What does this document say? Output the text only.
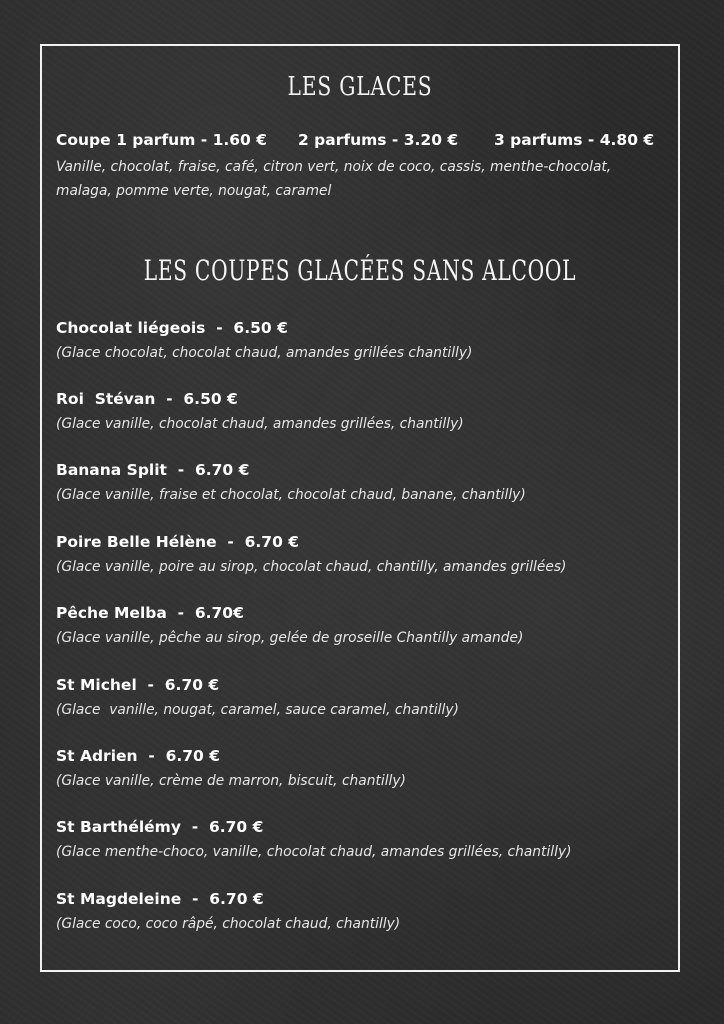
LES GLACES
Coupe 1 parfum - 1.60 € 2 parfums - 3.20 € 3 parfums - 4.80 €
Vanille, chocolat, fraise, café, citron vert, noix de coco, cassis, menthe-chocolat, malaga, pomme verte, nougat, caramel
LES COUPES GLACÉES SANS ALCOOL
Chocolat liégeois  -  6.50 €
(Glace chocolat, chocolat chaud, amandes grillées chantilly)
Roi  Stévan  -  6.50 €
(Glace vanille, chocolat chaud, amandes grillées, chantilly)
Banana Split  -  6.70 €
(Glace vanille, fraise et chocolat, chocolat chaud, banane, chantilly)
Poire Belle Hélène  -  6.70 €
(Glace vanille, poire au sirop, chocolat chaud, chantilly, amandes grillées)
Pêche Melba  -  6.70€
(Glace vanille, pêche au sirop, gelée de groseille Chantilly amande)
St Michel  -  6.70 €
(Glace  vanille, nougat, caramel, sauce caramel, chantilly)
St Adrien  -  6.70 €
(Glace vanille, crème de marron, biscuit, chantilly)
St Barthélémy  -  6.70 €
(Glace menthe-choco, vanille, chocolat chaud, amandes grillées, chantilly)
St Magdeleine  -  6.70 €
(Glace coco, coco râpé, chocolat chaud, chantilly)
